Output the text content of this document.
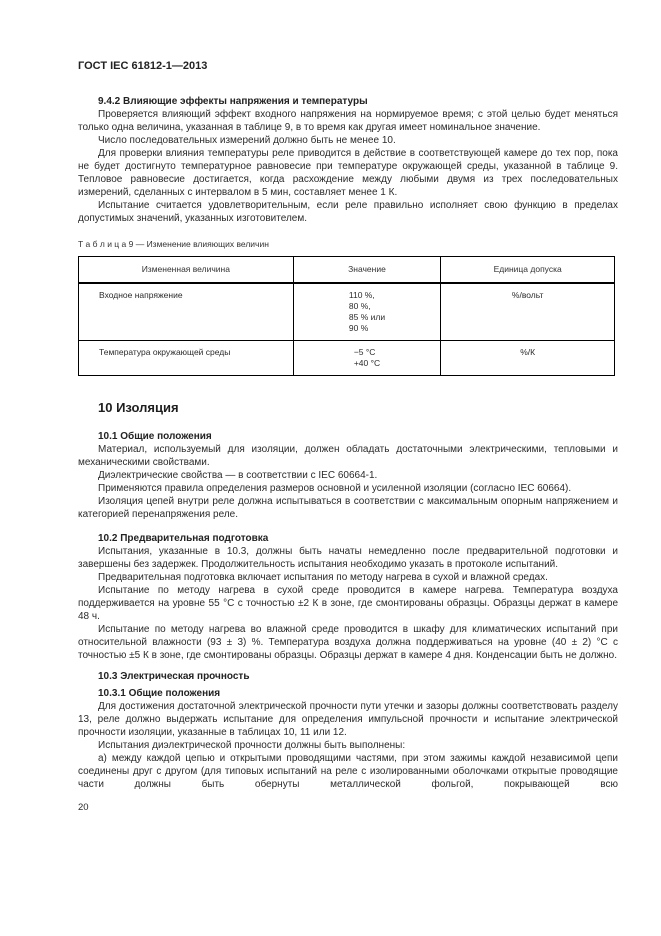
ГОСТ IEC 61812-1—2013
9.4.2 Влияющие эффекты напряжения и температуры

Проверяется влияющий эффект входного напряжения на нормируемое время; с этой целью будет меняться только одна величина, указанная в таблице 9, в то время как другая имеет номинальное значение.

Число последовательных измерений должно быть не менее 10.

Для проверки влияния температуры реле приводится в действие в соответствующей камере до тех пор, пока не будет достигнуто температурное равновесие при температуре окружающей среды, указанной в таблице 9. Тепловое равновесие достигается, когда расхождение между любыми двумя из трех последовательных измерений, сделанных с интервалом в 5 мин, составляет менее 1 К.

Испытание считается удовлетворительным, если реле правильно исполняет свою функцию в пределах допустимых значений, указанных изготовителем.

Т а б л и ц а 9 — Изменение влияющих величин
Измененная величина	Значение	Единица допуска
Входное напряжение	110 %,
80 %,
85 % или
90 %	%/вольт
Температура окружающей среды	−5 °С
+40 °С	%/К
10 Изоляция
10.1 Общие положения

Материал, используемый для изоляции, должен обладать достаточными электрическими, тепловыми и механическими свойствами.

Диэлектрические свойства — в соответствии с IEC 60664-1.

Применяются правила определения размеров основной и усиленной изоляции (согласно IEC 60664).

Изоляция цепей внутри реле должна испытываться в соответствии с максимальным опорным напряжением и категорией перенапряжения реле.

10.2 Предварительная подготовка

Испытания, указанные в 10.3, должны быть начаты немедленно после предварительной подготовки и завершены без задержек. Продолжительность испытания необходимо указать в протоколе испытаний.

Предварительная подготовка включает испытания по методу нагрева в сухой и влажной средах.

Испытание по методу нагрева в сухой среде проводится в камере нагрева. Температура воздуха поддерживается на уровне 55 °С с точностью ±2 К в зоне, где смонтированы образцы. Образцы держат в камере 48 ч.

Испытание по методу нагрева во влажной среде проводится в шкафу для климатических испытаний при относительной влажности (93 ± 3) %. Температура воздуха должна поддерживаться на уровне (40 ± 2) °С с точностью ±5 К в зоне, где смонтированы образцы. Образцы держат в камере 4 дня. Конденсации быть не должно.

10.3 Электрическая прочность
10.3.1 Общие положения

Для достижения достаточной электрической прочности пути утечки и зазоры должны соответствовать разделу 13, реле должно выдержать испытание для определения импульсной прочности и испытание электрической прочности изоляции, указанные в таблицах 10, 11 или 12.

Испытания диэлектрической прочности должны быть выполнены:

а) между каждой цепью и открытыми проводящими частями, при этом зажимы каждой независимой цепи соединены друг с другом (для типовых испытаний на реле с изолированными оболочками открытые проводящие части должны быть обернуты металлической фольгой, покрывающей всю

20
